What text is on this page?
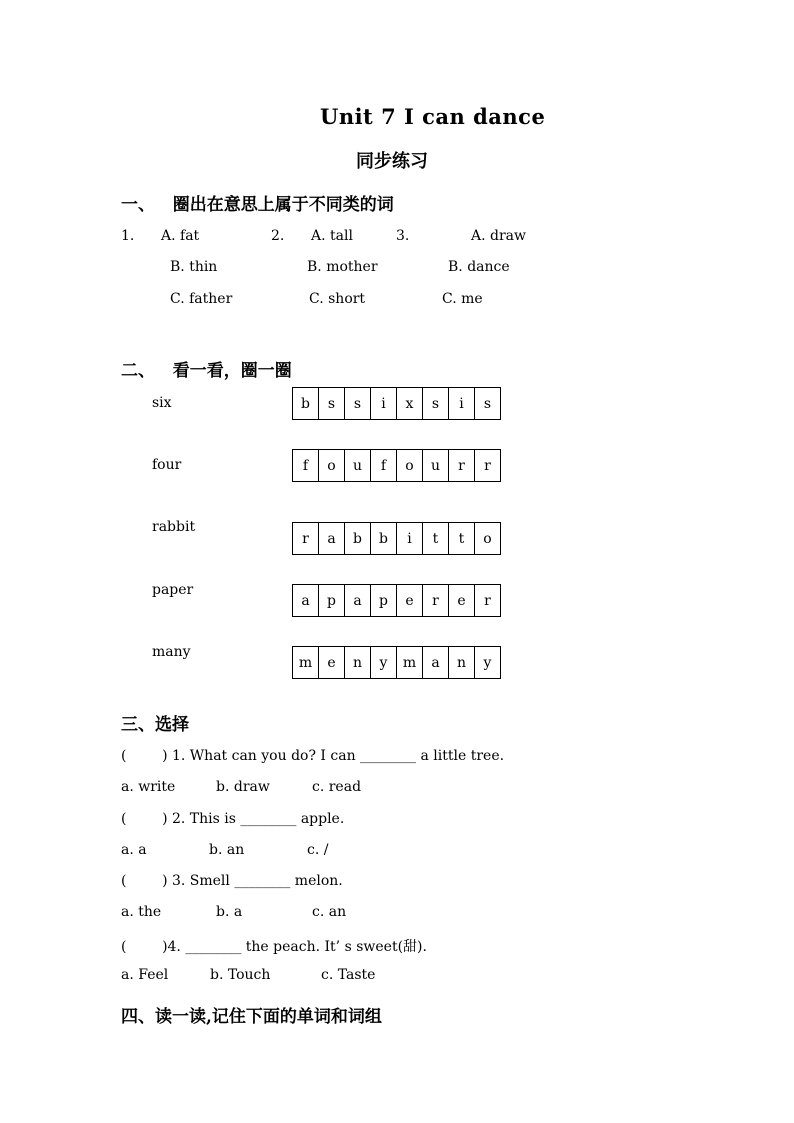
Unit 7 I can dance
同步练习
一、   圈出在意思上属于不同类的词
1. A. fat
B. thin
C. father
2. A. tall
B. mother
C. short
3.	A. draw
B. dance
C. me
二、   看一看，圈一圈
six	b	s	s	i	x	s	i	s
four	f	o	u	f	o	u	r	r
rabbit
r	a	b	b	i	t	t	o
paper
a	p	a	p	e	r	e	r
many
m	e	n	y	m	a	n	y
三、选择
(        ) 1. What can you do? I can ________ a little tree.
a. write	b. draw	c. read
(        ) 2. This is ________ apple.
a. a	b. an	c. /
(        ) 3. Smell ________ melon.
a. the	b. a	c. an
(        )4. ________ the peach. It’ s sweet(甜).
a. Feel	b. Touch	c. Taste
四、读一读,记住下面的单词和词组
